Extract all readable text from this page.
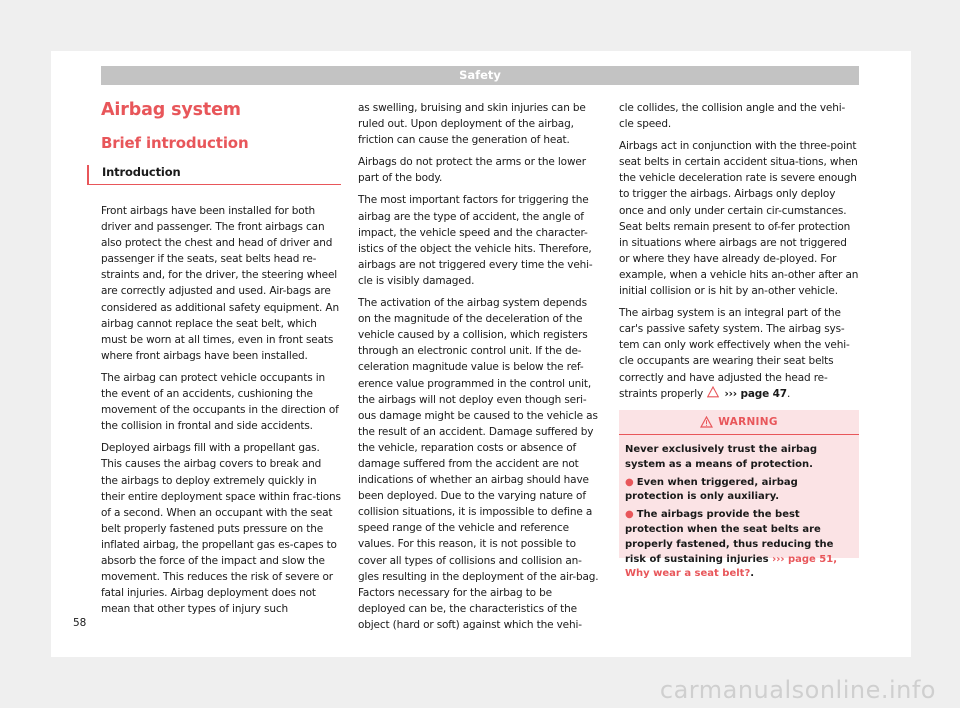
Safety
Airbag system
Brief introduction
Introduction

Front airbags have been installed for both driver and passenger. The front airbags can also protect the chest and head of driver and passenger if the seats, seat belts head re-straints and, for the driver, the steering wheel are correctly adjusted and used. Air-bags are considered as additional safety equipment. An airbag cannot replace the seat belt, which must be worn at all times, even in front seats where front airbags have been installed.

The airbag can protect vehicle occupants in the event of an accidents, cushioning the movement of the occupants in the direction of the collision in frontal and side accidents.

Deployed airbags fill with a propellant gas. This causes the airbag covers to break and the airbags to deploy extremely quickly in their entire deployment space within frac-tions of a second. When an occupant with the seat belt properly fastened puts pressure on the inflated airbag, the propellant gas es-capes to absorb the force of the impact and slow the movement. This reduces the risk of severe or fatal injuries. Airbag deployment does not mean that other types of injury such

as swelling, bruising and skin injuries can be ruled out. Upon deployment of the airbag, friction can cause the generation of heat.

Airbags do not protect the arms or the lower part of the body.

The most important factors for triggering the airbag are the type of accident, the angle of impact, the vehicle speed and the character-istics of the object the vehicle hits. Therefore, airbags are not triggered every time the vehi-cle is visibly damaged.

The activation of the airbag system depends on the magnitude of the deceleration of the vehicle caused by a collision, which registers through an electronic control unit. If the de-celeration magnitude value is below the ref-erence value programmed in the control unit, the airbags will not deploy even though seri-ous damage might be caused to the vehicle as the result of an accident. Damage suffered by the vehicle, reparation costs or absence of damage suffered from the accident are not indications of whether an airbag should have been deployed. Due to the varying nature of collision situations, it is impossible to define a speed range of the vehicle and reference values. For this reason, it is not possible to cover all types of collisions and collision an-gles resulting in the deployment of the air-bag. Factors necessary for the airbag to be deployed can be, the characteristics of the object (hard or soft) against which the vehi-

cle collides, the collision angle and the vehi-cle speed.

Airbags act in conjunction with the three-point seat belts in certain accident situa-tions, when the vehicle deceleration rate is severe enough to trigger the airbags. Airbags only deploy once and only under certain cir-cumstances. Seat belts remain present to of-fer protection in situations where airbags are not triggered or where they have already de-ployed. For example, when a vehicle hits an-other after an initial collision or is hit by an-other vehicle.

The airbag system is an integral part of the car's passive safety system. The airbag sys-tem can only work effectively when the vehi-cle occupants are wearing their seat belts correctly and have adjusted the head re-straints properly ››› page 47.

WARNING

Never exclusively trust the airbag system as a means of protection.

● Even when triggered, airbag protection is only auxiliary.

● The airbags provide the best protection when the seat belts are properly fastened, thus reducing the risk of sustaining injuries ››› page 51, Why wear a seat belt?.

58
carmanualsonline.info
